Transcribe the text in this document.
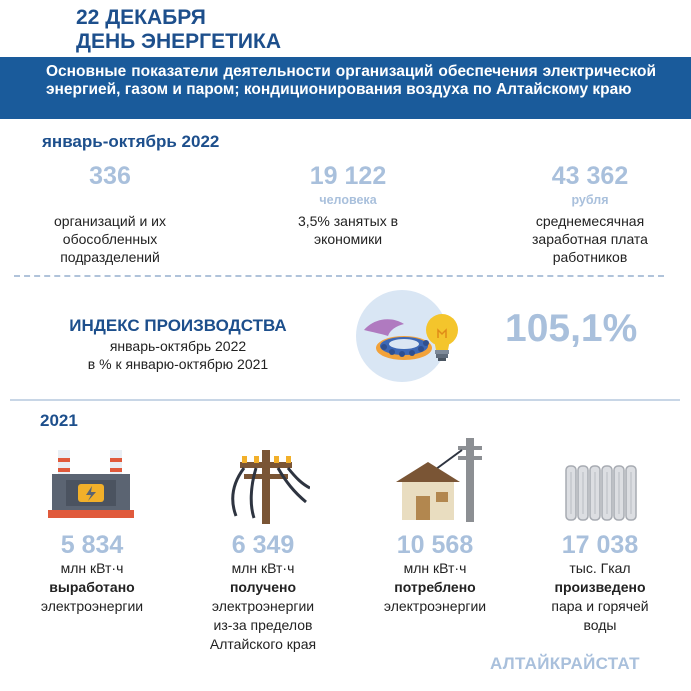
22 ДЕКАБРЯ
ДЕНЬ ЭНЕРГЕТИКА
Основные показатели деятельности организаций обеспечения электрической энергией, газом и паром; кондиционирования воздуха по Алтайскому краю
январь-октябрь 2022
336
организаций и их
обособленных
подразделений
19 122
человека
3,5% занятых в
экономики
43 362
рубля
среднемесячная
заработная плата
работников
ИНДЕКС ПРОИЗВОДСТВА
январь-октябрь 2022
в % к январю-октябрю 2021
105,1%
2021
5 834
млн кВт·ч
выработано
электроэнергии
6 349
млн кВт·ч
получено
электроэнергии
из-за пределов
Алтайского края
10 568
млн кВт·ч
потреблено
электроэнергии
17 038
тыс. Гкал
произведено
пара и горячей
воды
АЛТАЙКРАЙСТАТ
